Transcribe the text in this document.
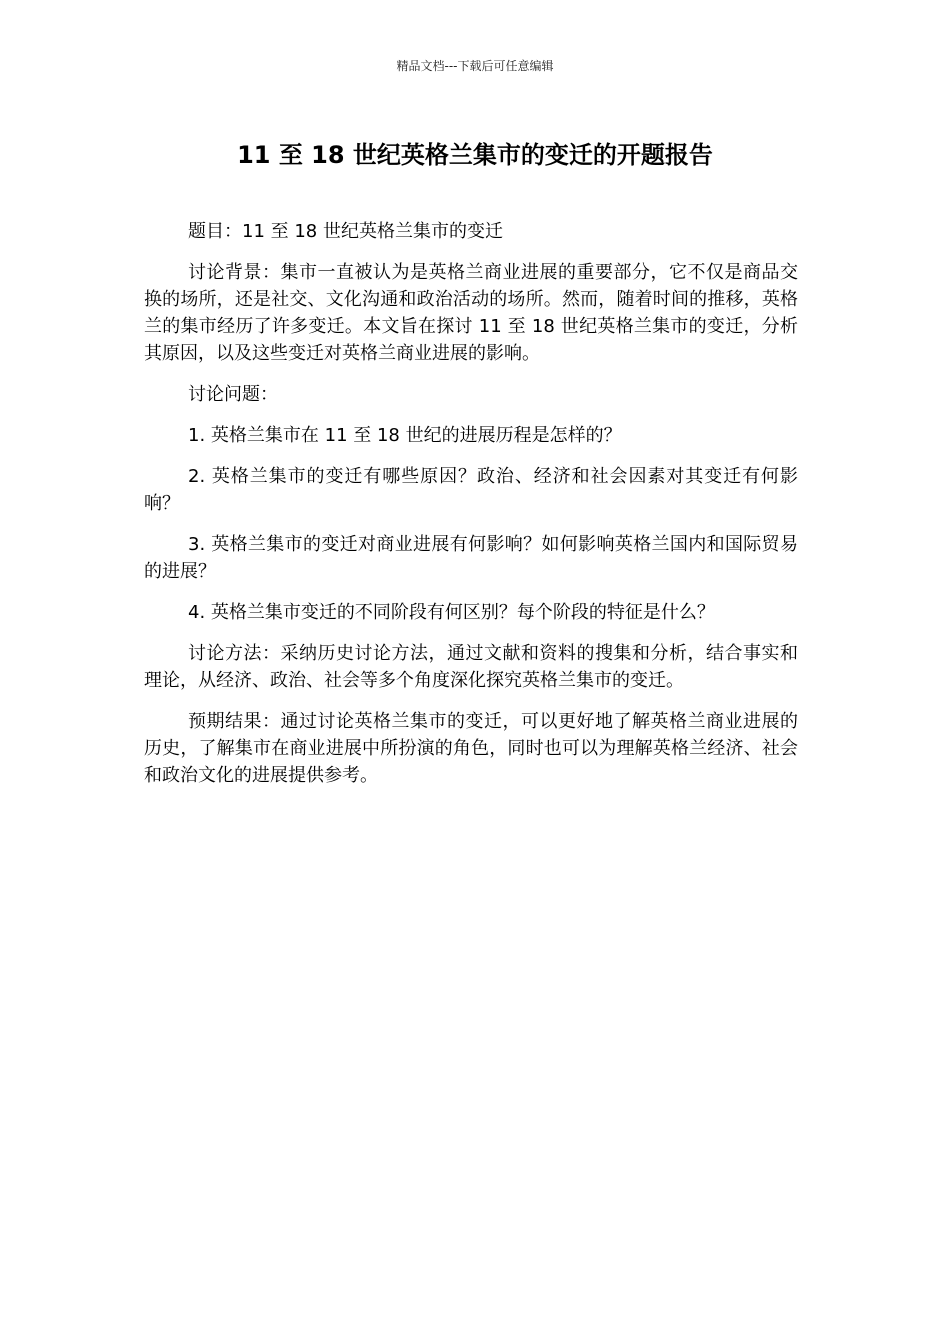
精品文档---下载后可任意编辑
11 至 18 世纪英格兰集市的变迁的开题报告

题目：11 至 18 世纪英格兰集市的变迁

讨论背景：集市一直被认为是英格兰商业进展的重要部分，它不仅是商品交换的场所，还是社交、文化沟通和政治活动的场所。然而，随着时间的推移，英格兰的集市经历了许多变迁。本文旨在探讨 11 至 18 世纪英格兰集市的变迁，分析其原因，以及这些变迁对英格兰商业进展的影响。

讨论问题：

1. 英格兰集市在 11 至 18 世纪的进展历程是怎样的？

2. 英格兰集市的变迁有哪些原因？政治、经济和社会因素对其变迁有何影响？

3. 英格兰集市的变迁对商业进展有何影响？如何影响英格兰国内和国际贸易的进展？

4. 英格兰集市变迁的不同阶段有何区别？每个阶段的特征是什么？

讨论方法：采纳历史讨论方法，通过文献和资料的搜集和分析，结合事实和理论，从经济、政治、社会等多个角度深化探究英格兰集市的变迁。

预期结果：通过讨论英格兰集市的变迁，可以更好地了解英格兰商业进展的历史，了解集市在商业进展中所扮演的角色，同时也可以为理解英格兰经济、社会和政治文化的进展提供参考。
